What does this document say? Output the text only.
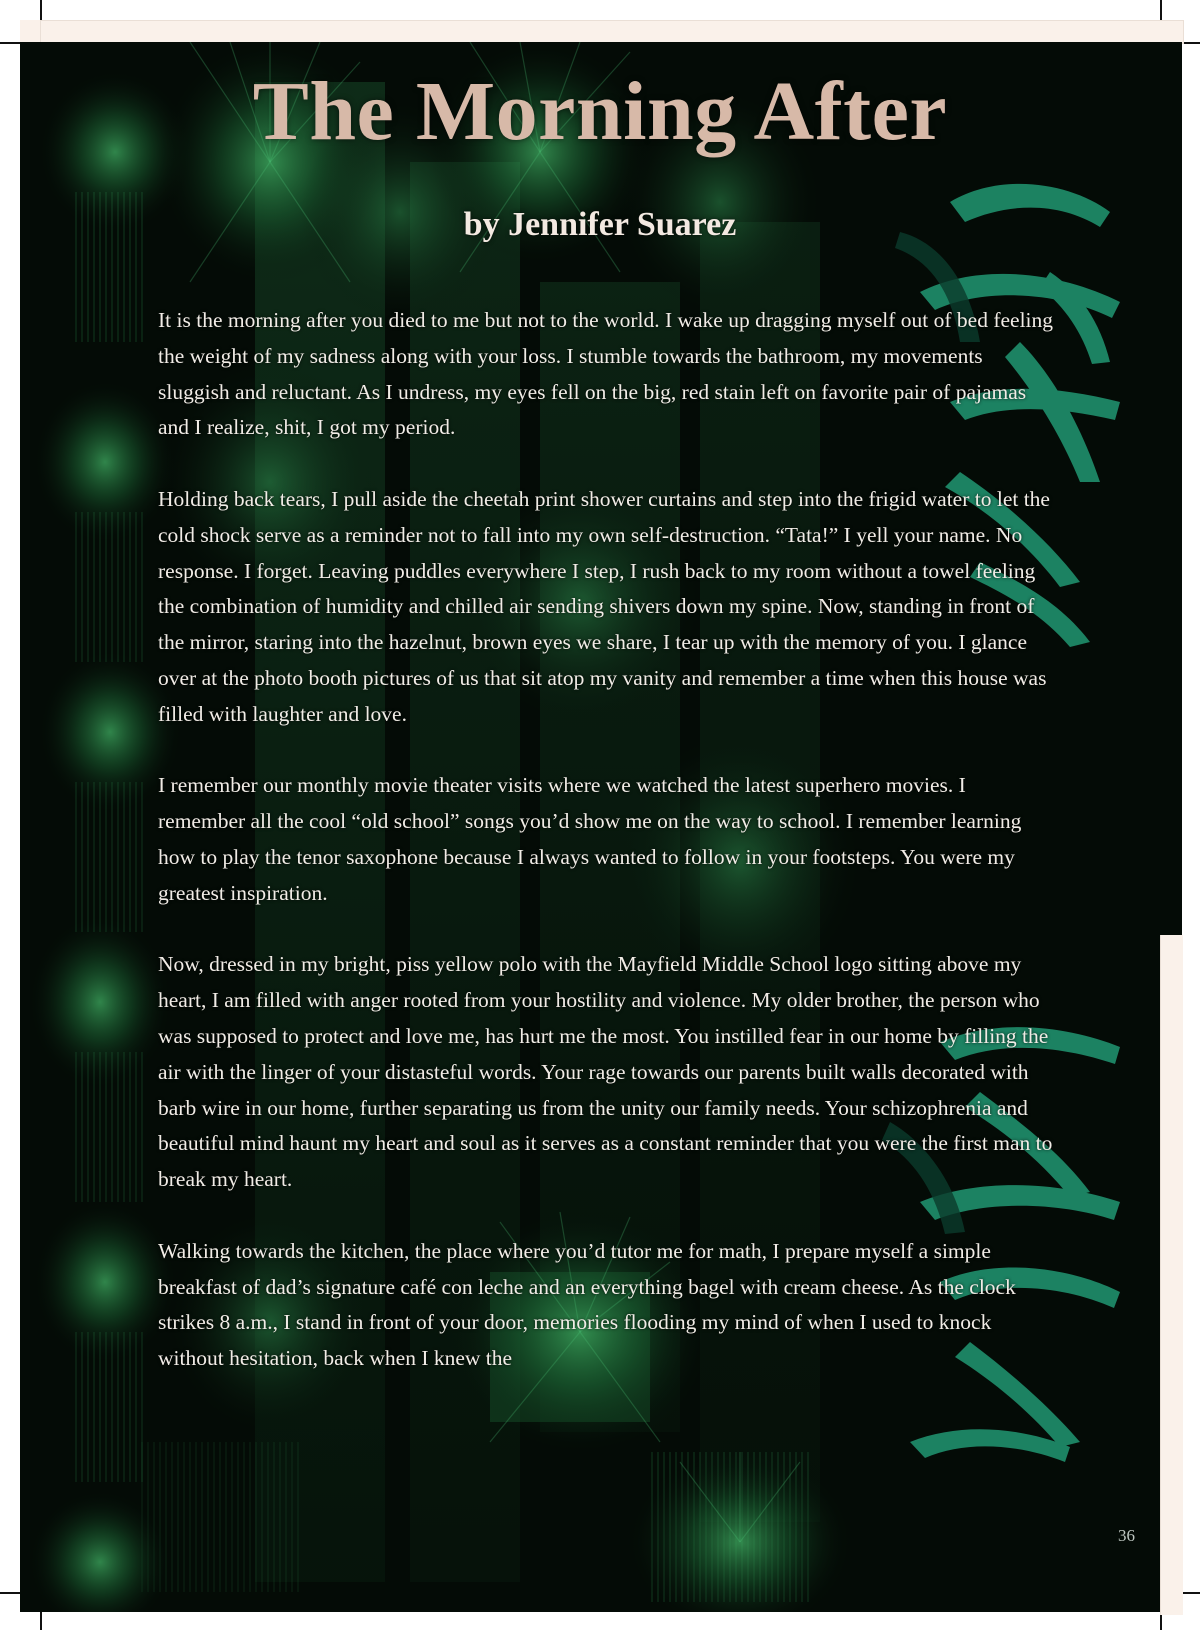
The Morning After
by Jennifer Suarez

It is the morning after you died to me but not to the world. I wake up dragging myself out of bed feeling the weight of my sadness along with your loss. I stumble towards the bathroom, my movements sluggish and reluctant. As I undress, my eyes fell on the big, red stain left on favorite pair of pajamas and I realize, shit, I got my period.

Holding back tears, I pull aside the cheetah print shower curtains and step into the frigid water to let the cold shock serve as a reminder not to fall into my own self-destruction. “Tata!” I yell your name. No response. I forget. Leaving puddles everywhere I step, I rush back to my room without a towel feeling the combination of humidity and chilled air sending shivers down my spine. Now, standing in front of the mirror, staring into the hazelnut, brown eyes we share, I tear up with the memory of you. I glance over at the photo booth pictures of us that sit atop my vanity and remember a time when this house was filled with laughter and love.

I remember our monthly movie theater visits where we watched the latest superhero movies. I remember all the cool “old school” songs you’d show me on the way to school. I remember learning how to play the tenor saxophone because I always wanted to follow in your footsteps. You were my greatest inspiration.

Now, dressed in my bright, piss yellow polo with the Mayfield Middle School logo sitting above my heart, I am filled with anger rooted from your hostility and violence. My older brother, the person who was supposed to protect and love me, has hurt me the most. You instilled fear in our home by filling the air with the linger of your distasteful words. Your rage towards our parents built walls decorated with barb wire in our home, further separating us from the unity our family needs. Your schizophrenia and beautiful mind haunt my heart and soul as it serves as a constant reminder that you were the first man to break my heart.

Walking towards the kitchen, the place where you’d tutor me for math, I prepare myself a simple breakfast of dad’s signature café con leche and an everything bagel with cream cheese. As the clock strikes 8 a.m., I stand in front of your door, memories flooding my mind of when I used to knock without hesitation, back when I knew the

36
